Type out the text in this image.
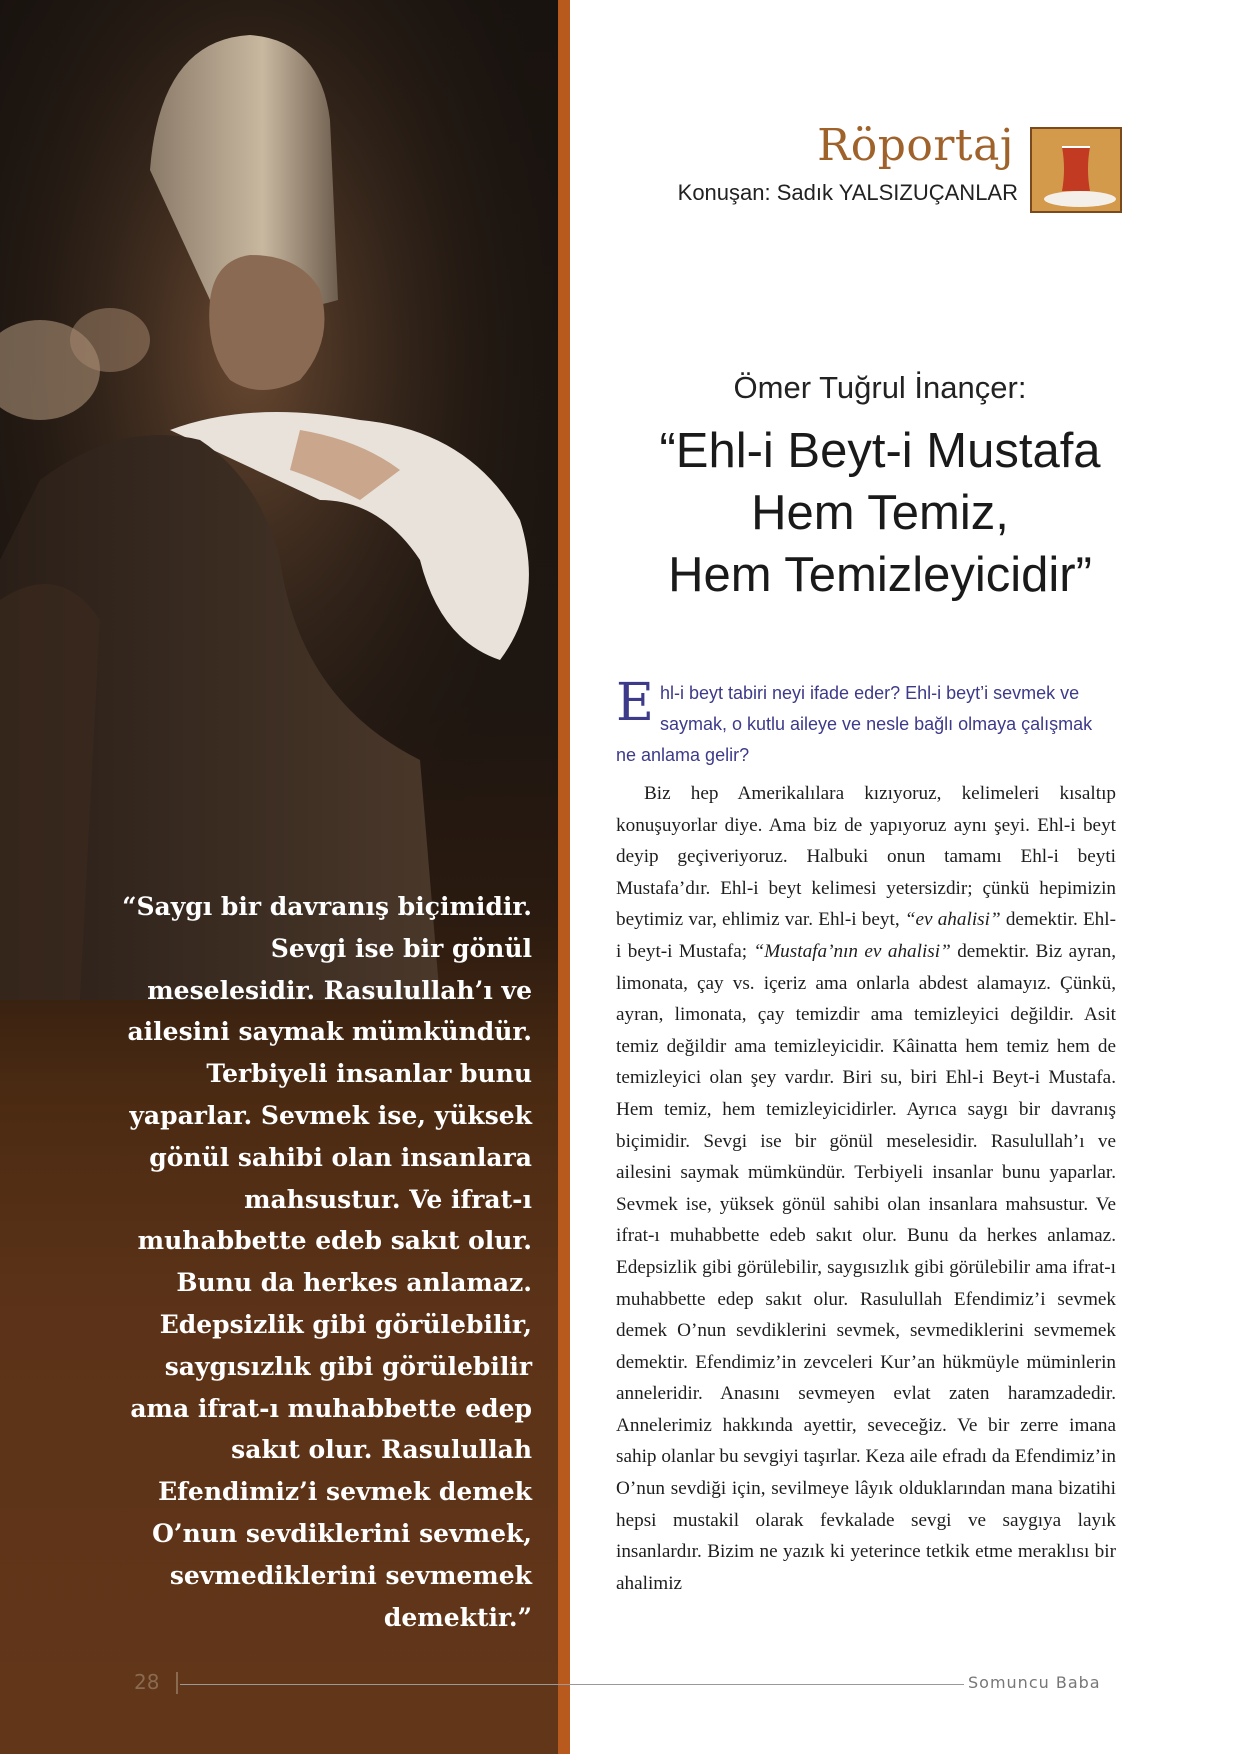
“Saygı bir davranış biçimidir. Sevgi ise bir gönül meselesidir. Rasulullah’ı ve ailesini saymak mümkündür. Terbiyeli insanlar bunu yaparlar. Sevmek ise, yüksek gönül sahibi olan insanlara mahsustur. Ve ifrat-ı muhabbette edeb sakıt olur. Bunu da herkes anlamaz. Edepsizlik gibi görülebilir, saygısızlık gibi görülebilir ama ifrat-ı muhabbette edep sakıt olur. Rasulullah Efendimiz’i sevmek demek O’nun sevdiklerini sevmek, sevmediklerini sevmemek demektir.”
Röportaj
Konuşan: Sadık YALSIZUÇANLAR
Ömer Tuğrul İnançer:
“Ehl-i Beyt-i Mustafa
Hem Temiz,
Hem Temizleyicidir”
Ehl-i beyt tabiri neyi ifade eder? Ehl-i beyt’i sevmek ve saymak, o kutlu aileye ve nesle bağlı olmaya çalışmak ne anlama gelir?

Biz hep Amerikalılara kızıyoruz, kelimeleri kısaltıp konuşuyorlar diye. Ama biz de yapıyoruz aynı şeyi. Ehl-i beyt deyip geçiveriyoruz. Halbuki onun tamamı Ehl-i beyti Mustafa’dır. Ehl-i beyt kelimesi yetersizdir; çünkü hepimizin beytimiz var, ehlimiz var. Ehl-i beyt, “ev ahalisi” demektir. Ehl-i beyt-i Mustafa; “Mustafa’nın ev ahalisi” demektir. Biz ayran, limonata, çay vs. içeriz ama onlarla abdest alamayız. Çünkü, ayran, limonata, çay temizdir ama temizleyici değildir. Asit temiz değildir ama temizleyicidir. Kâinatta hem temiz hem de temizleyici olan şey vardır. Biri su, biri Ehl-i Beyt-i Mustafa. Hem temiz, hem temizleyicidirler. Ayrıca saygı bir davranış biçimidir. Sevgi ise bir gönül meselesidir. Rasulullah’ı ve ailesini saymak mümkündür. Terbiyeli insanlar bunu yaparlar. Sevmek ise, yüksek gönül sahibi olan insanlara mahsustur. Ve ifrat-ı muhabbette edeb sakıt olur. Bunu da herkes anlamaz. Edepsizlik gibi görülebilir, saygısızlık gibi görülebilir ama ifrat-ı muhabbette edep sakıt olur. Rasulullah Efendimiz’i sevmek demek O’nun sevdiklerini sevmek, sevmediklerini sevmemek demektir. Efendimiz’in zevceleri Kur’an hükmüyle müminlerin anneleridir. Anasını sevmeyen evlat zaten haramzadedir. Annelerimiz hakkında ayettir, seveceğiz. Ve bir zerre imana sahip olanlar bu sevgiyi taşırlar. Keza aile efradı da Efendimiz’in O’nun sevdiği için, sevilmeye lâyık olduklarından mana bizatihi hepsi mustakil olarak fevkalade sevgi ve saygıya layık insanlardır. Bizim ne yazık ki yeterince tetkik etme meraklısı bir ahalimiz

28	Somuncu Baba
